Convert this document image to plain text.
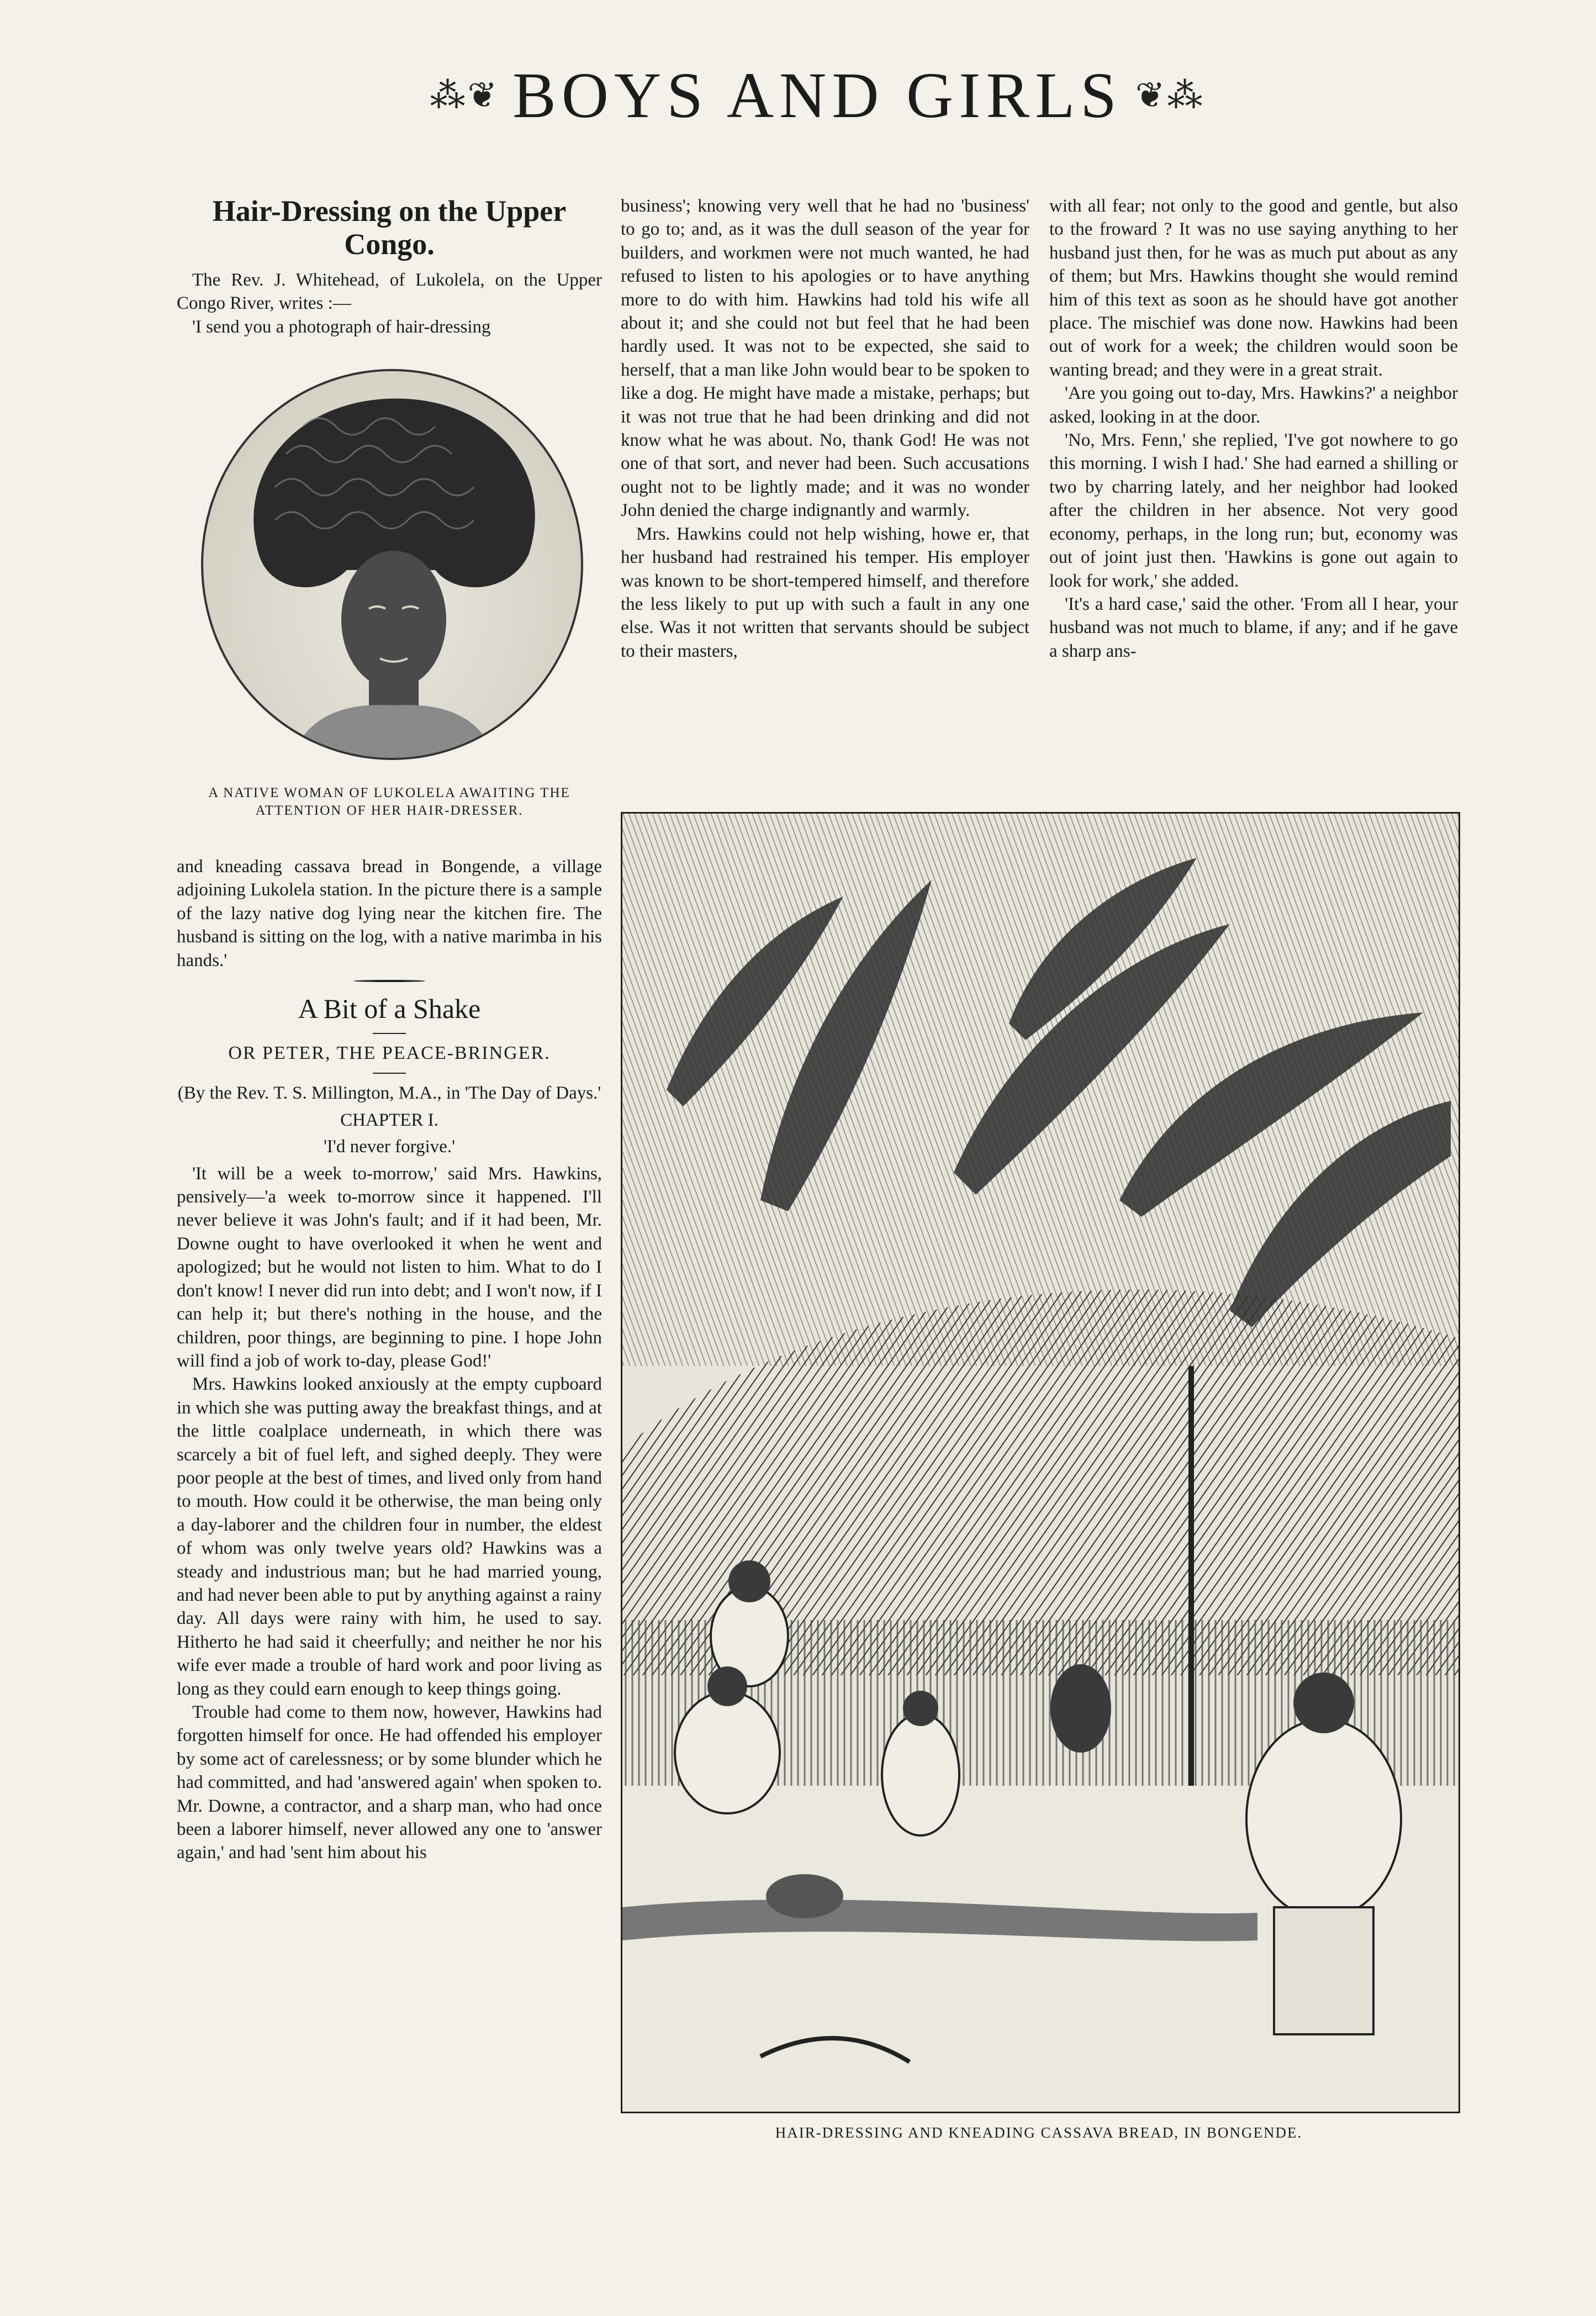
⁂❦ BOYS AND GIRLS ❦⁂
Hair-Dressing on the Upper Congo.

The Rev. J. Whitehead, of Lukolela, on the Upper Congo River, writes :—

'I send you a photograph of hair-dressing

A NATIVE WOMAN OF LUKOLELA AWAITING THE ATTENTION OF HER HAIR-DRESSER.

and kneading cassava bread in Bongende, a village adjoining Lukolela station. In the picture there is a sample of the lazy native dog lying near the kitchen fire. The husband is sitting on the log, with a native marimba in his hands.'

A Bit of a Shake
OR PETER, THE PEACE-BRINGER.
(By the Rev. T. S. Millington, M.A., in 'The Day of Days.'
CHAPTER I.
'I'd never forgive.'

'It will be a week to-morrow,' said Mrs. Hawkins, pensively—'a week to-morrow since it happened. I'll never believe it was John's fault; and if it had been, Mr. Downe ought to have overlooked it when he went and apologized; but he would not listen to him. What to do I don't know! I never did run into debt; and I won't now, if I can help it; but there's nothing in the house, and the children, poor things, are beginning to pine. I hope John will find a job of work to-day, please God!'

Mrs. Hawkins looked anxiously at the empty cupboard in which she was putting away the breakfast things, and at the little coalplace underneath, in which there was scarcely a bit of fuel left, and sighed deeply. They were poor people at the best of times, and lived only from hand to mouth. How could it be otherwise, the man being only a day-laborer and the children four in number, the eldest of whom was only twelve years old? Hawkins was a steady and industrious man; but he had married young, and had never been able to put by anything against a rainy day. All days were rainy with him, he used to say. Hitherto he had said it cheerfully; and neither he nor his wife ever made a trouble of hard work and poor living as long as they could earn enough to keep things going.

Trouble had come to them now, however, Hawkins had forgotten himself for once. He had offended his employer by some act of carelessness; or by some blunder which he had committed, and had 'answered again' when spoken to. Mr. Downe, a contractor, and a sharp man, who had once been a laborer himself, never allowed any one to 'answer again,' and had 'sent him about his

business'; knowing very well that he had no 'business' to go to; and, as it was the dull season of the year for builders, and workmen were not much wanted, he had refused to listen to his apologies or to have anything more to do with him. Hawkins had told his wife all about it; and she could not but feel that he had been hardly used. It was not to be expected, she said to herself, that a man like John would bear to be spoken to like a dog. He might have made a mistake, perhaps; but it was not true that he had been drinking and did not know what he was about. No, thank God! He was not one of that sort, and never had been. Such accusations ought not to be lightly made; and it was no wonder John denied the charge indignantly and warmly.

Mrs. Hawkins could not help wishing, howe er, that her husband had restrained his temper. His employer was known to be short-tempered himself, and therefore the less likely to put up with such a fault in any one else. Was it not written that servants should be subject to their masters,

with all fear; not only to the good and gentle, but also to the froward ? It was no use saying anything to her husband just then, for he was as much put about as any of them; but Mrs. Hawkins thought she would remind him of this text as soon as he should have got another place. The mischief was done now. Hawkins had been out of work for a week; the children would soon be wanting bread; and they were in a great strait.

'Are you going out to-day, Mrs. Hawkins?' a neighbor asked, looking in at the door.

'No, Mrs. Fenn,' she replied, 'I've got nowhere to go this morning. I wish I had.' She had earned a shilling or two by charring lately, and her neighbor had looked after the children in her absence. Not very good economy, perhaps, in the long run; but, economy was out of joint just then. 'Hawkins is gone out again to look for work,' she added.

'It's a hard case,' said the other. 'From all I hear, your husband was not much to blame, if any; and if he gave a sharp ans-

HAIR-DRESSING AND KNEADING CASSAVA BREAD, IN BONGENDE.
